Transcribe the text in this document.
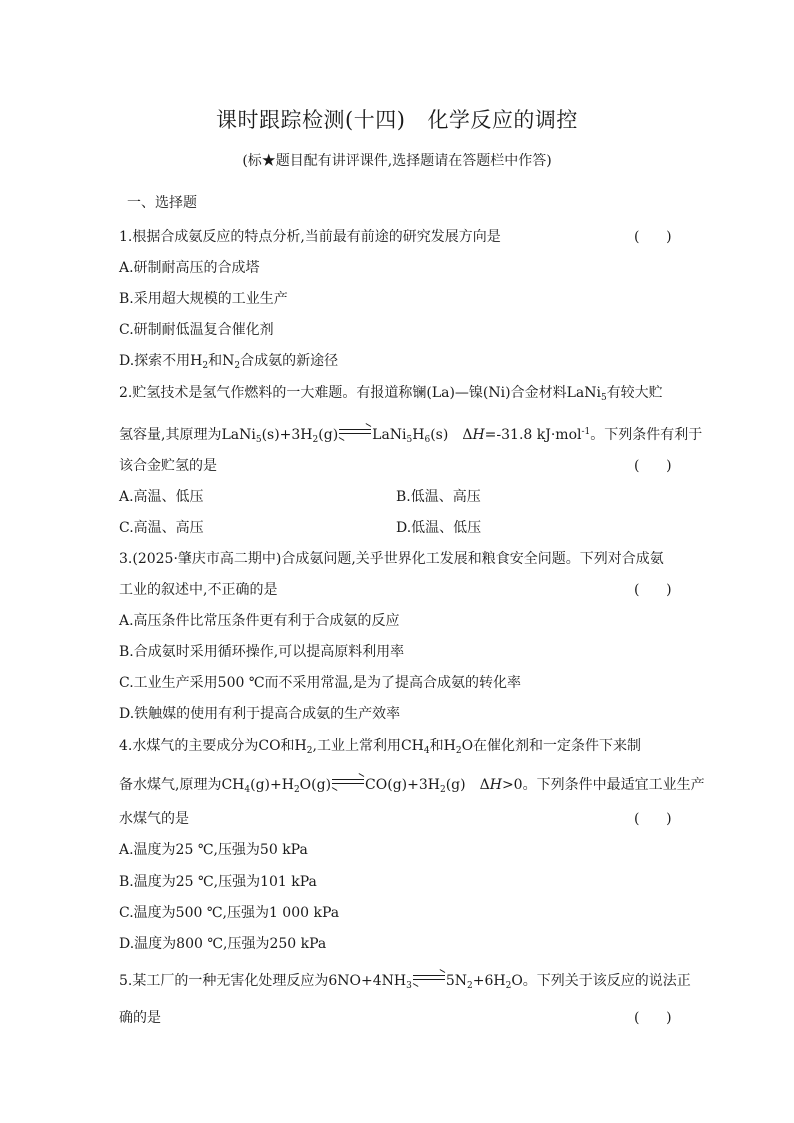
课时跟踪检测(十四) 化学反应的调控
(标★题目配有讲评课件,选择题请在答题栏中作答)
一、选择题
1.根据合成氨反应的特点分析,当前最有前途的研究发展方向是	(      )
A.研制耐高压的合成塔
B.采用超大规模的工业生产
C.研制耐低温复合催化剂
D.探索不用$H_2$和$N_2$合成氨的新途径
2.贮氢技术是氢气作燃料的一大难题。有报道称镧(La)—镍(Ni)合金材料LaNi$_5$有较大贮
氢容量,其原理为$LaNi_5(s)+3H_2(g)$ $LaNi_5H_6(s)$ ΔH=-31.8 kJ·mol$^{-1}$。下列条件有利于
该合金贮氢的是	(      )
A.高温、低压	B.低温、高压
C.高温、高压	D.低温、低压
3.(2025·肇庆市高二期中)合成氨问题,关乎世界化工发展和粮食安全问题。下列对合成氨
工业的叙述中,不正确的是	(      )
A.高压条件比常压条件更有利于合成氨的反应
B.合成氨时采用循环操作,可以提高原料利用率
C.工业生产采用500 ℃而不采用常温,是为了提高合成氨的转化率
D.铁触媒的使用有利于提高合成氨的生产效率
4.水煤气的主要成分为CO和$H_2$,工业上常利用$CH_4$和$H_2O$在催化剂和一定条件下来制
备水煤气,原理为$CH_4(g)+H_2O(g)$ $CO(g)+3H_2(g)$ ΔH>0。下列条件中最适宜工业生产
水煤气的是	(      )
A.温度为25 ℃,压强为50 kPa
B.温度为25 ℃,压强为101 kPa
C.温度为500 ℃,压强为1 000 kPa
D.温度为800 ℃,压强为250 kPa
5.某工厂的一种无害化处理反应为$6NO+4NH_3$ $5N_2+6H_2O$。下列关于该反应的说法正
确的是	(      )
